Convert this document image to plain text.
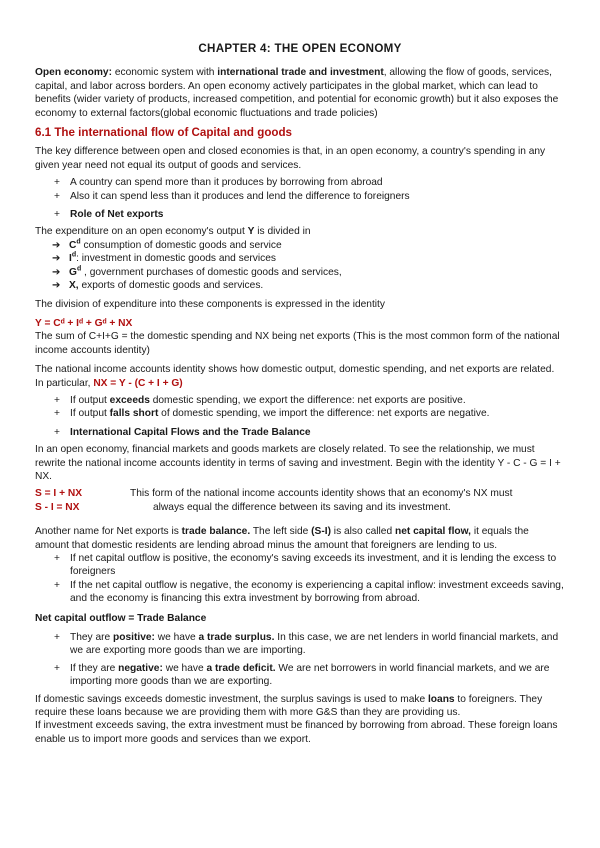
CHAPTER 4: THE OPEN ECONOMY

Open economy: economic system with international trade and investment, allowing the flow of goods, services, capital, and labor across borders. An open economy actively participates in the global market, which can lead to benefits (wider variety of products, increased competition, and potential for economic growth) but it also exposes the economy to external factors(global economic fluctuations and trade policies)

6.1 The international flow of Capital and goods

The key difference between open and closed economies is that, in an open economy, a country's spending in any given year need not equal its output of goods and services.

+ A country can spend more than it produces by borrowing from abroad
+ Also it can spend less than it produces and lend the difference to foreigners
+ Role of Net exports

The expenditure on an open economy's output Y is divided in

➔ $C^d$ consumption of domestic goods and service
➔ $I^d$: investment in domestic goods and services
➔ $G^d$ , government purchases of domestic goods and services,
➔ X, exports of domestic goods and services.

The division of expenditure into these components is expressed in the identity

Y = Cᵈ + Iᵈ + Gᵈ + NX

The sum of C+I+G = the domestic spending and NX being net exports (This is the most common form of the national income accounts identity)

The national income accounts identity shows how domestic output, domestic spending, and net exports are related. In particular, NX = Y - (C + I + G)

+ If output exceeds domestic spending, we export the difference: net exports are positive.
+ If output falls short of domestic spending, we import the difference: net exports are negative.
+ International Capital Flows and the Trade Balance

In an open economy, financial markets and goods markets are closely related. To see the relationship, we must rewrite the national income accounts identity in terms of saving and investment. Begin with the identity Y - C - G = I + NX.

S = I + NX	This form of the national income accounts identity shows that an economy's NX must
S - I = NX	always equal the difference between its saving and its investment.

Another name for Net exports is trade balance. The left side (S-I) is also called net capital flow, it equals the amount that domestic residents are lending abroad minus the amount that foreigners are lending to us.

+ If net capital outflow is positive, the economy's saving exceeds its investment, and it is lending the excess to foreigners
+ If the net capital outflow is negative, the economy is experiencing a capital inflow: investment exceeds saving, and the economy is financing this extra investment by borrowing from abroad.

Net capital outflow = Trade Balance

+ They are positive: we have a trade surplus. In this case, we are net lenders in world financial markets, and we are exporting more goods than we are importing.
+ If they are negative: we have a trade deficit. We are net borrowers in world financial markets, and we are importing more goods than we are exporting.

If domestic savings exceeds domestic investment, the surplus savings is used to make loans to foreigners. They require these loans because we are providing them with more G&S than they are providing us.

If investment exceeds saving, the extra investment must be financed by borrowing from abroad. These foreign loans enable us to import more goods and services than we export.
